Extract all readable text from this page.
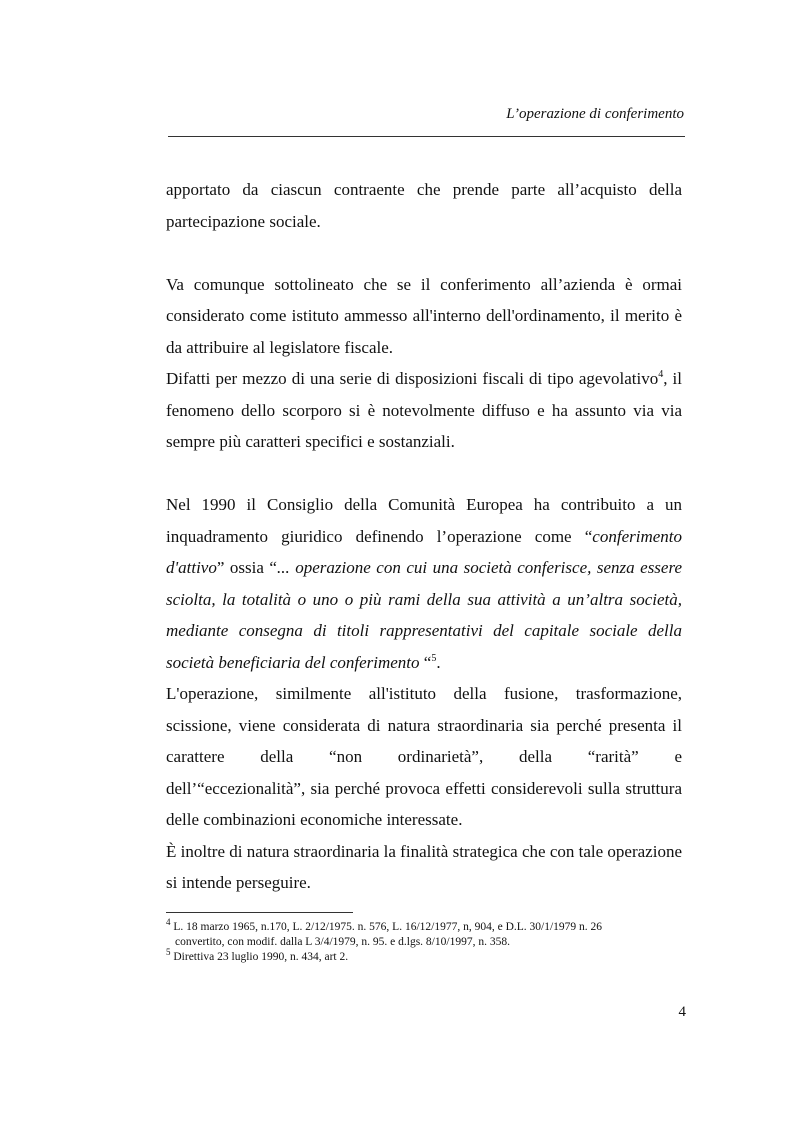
L’operazione di conferimento

apportato da ciascun contraente che prende parte all’acquisto della partecipazione sociale.

Va comunque sottolineato che se il conferimento all’azienda è ormai considerato come istituto ammesso all'interno dell'ordinamento, il merito è da attribuire al legislatore fiscale.

Difatti per mezzo di una serie di disposizioni fiscali di tipo agevolativo$^4$, il fenomeno dello scorporo si è notevolmente diffuso e ha assunto via via sempre più caratteri specifici e sostanziali.

Nel 1990 il Consiglio della Comunità Europea ha contribuito a un inquadramento giuridico definendo l’operazione come “conferimento d'attivo” ossia “... operazione con cui una società conferisce, senza essere sciolta, la totalità o uno o più rami della sua attività a un’altra società, mediante consegna di titoli rappresentativi del capitale sociale della società beneficiaria del conferimento “$^5$.

L'operazione, similmente all'istituto della fusione, trasformazione, scissione, viene considerata di natura straordinaria sia perché presenta il carattere della “non ordinarietà”, della “rarità” e

dell’“eccezionalità”, sia perché provoca effetti considerevoli sulla struttura delle combinazioni economiche interessate.

È inoltre di natura straordinaria la finalità strategica che con tale operazione si intende perseguire.

$^4$ L. 18 marzo 1965, n.170, L. 2/12/1975. n. 576, L. 16/12/1977, n, 904, e D.L. 30/1/1979 n. 26
convertito, con modif. dalla L 3/4/1979, n. 95. e d.lgs. 8/10/1997, n. 358.

$^5$ Direttiva 23 luglio 1990, n. 434, art 2.

4
